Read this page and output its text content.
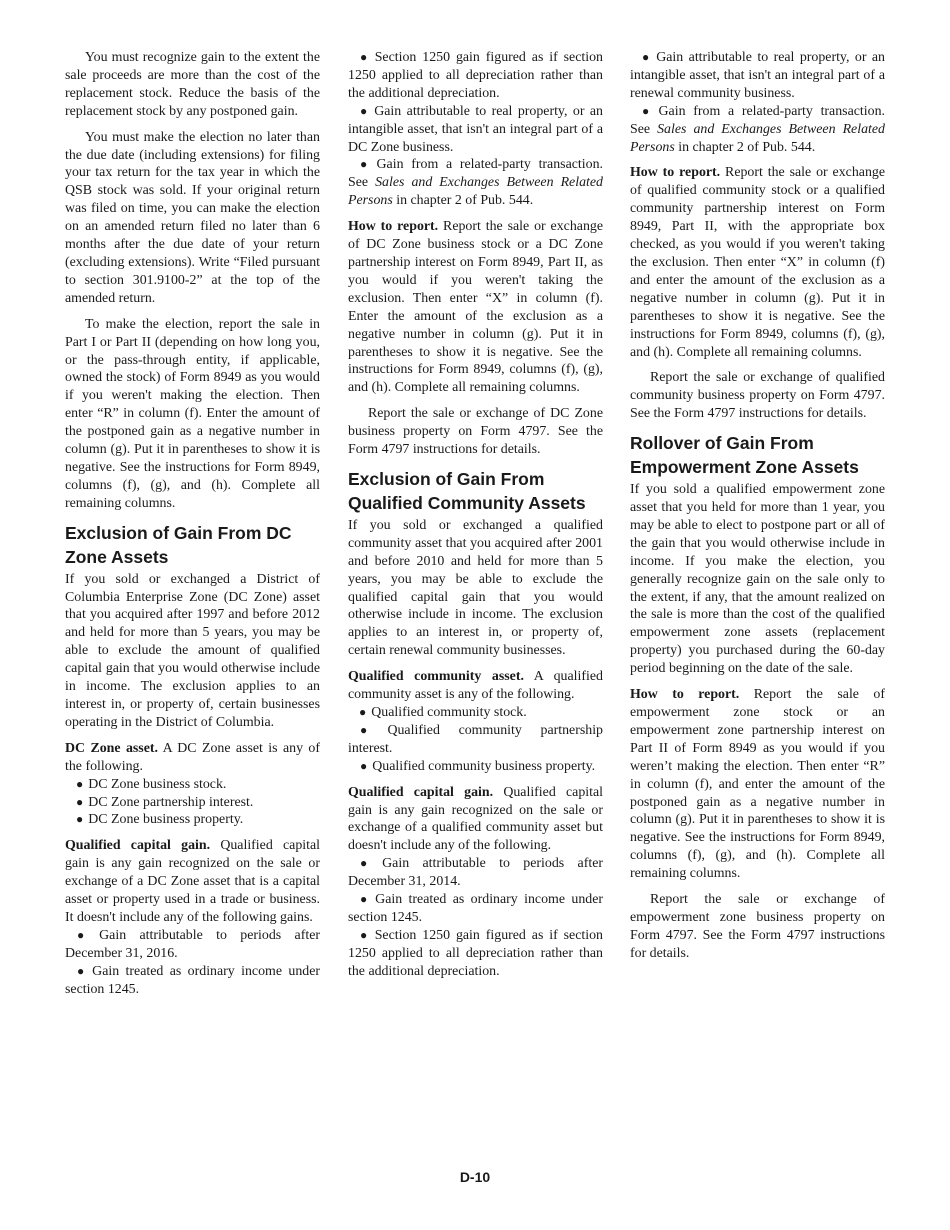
You must recognize gain to the extent the sale proceeds are more than the cost of the replacement stock. Reduce the basis of the replacement stock by any postponed gain.

You must make the election no later than the due date (including extensions) for filing your tax return for the tax year in which the QSB stock was sold. If your original return was filed on time, you can make the election on an amended return filed no later than 6 months after the due date of your return (excluding extensions). Write “Filed pursuant to section 301.9100-2” at the top of the amended return.

To make the election, report the sale in Part I or Part II (depending on how long you, or the pass-through entity, if applicable, owned the stock) of Form 8949 as you would if you weren't making the election. Then enter “R” in column (f). Enter the amount of the postponed gain as a negative number in column (g). Put it in parentheses to show it is negative. See the instructions for Form 8949, columns (f), (g), and (h). Complete all remaining columns.

Exclusion of Gain From DC Zone Assets

If you sold or exchanged a District of Columbia Enterprise Zone (DC Zone) asset that you acquired after 1997 and before 2012 and held for more than 5 years, you may be able to exclude the amount of qualified capital gain that you would otherwise include in income. The exclusion applies to an interest in, or property of, certain businesses operating in the District of Columbia.

DC Zone asset. A DC Zone asset is any of the following.

● DC Zone business stock.

● DC Zone partnership interest.

● DC Zone business property.

Qualified capital gain. Qualified capital gain is any gain recognized on the sale or exchange of a DC Zone asset that is a capital asset or property used in a trade or business. It doesn't include any of the following gains.

● Gain attributable to periods after December 31, 2016.

● Gain treated as ordinary income under section 1245.

● Section 1250 gain figured as if section 1250 applied to all depreciation rather than the additional depreciation.

● Gain attributable to real property, or an intangible asset, that isn't an integral part of a DC Zone business.

● Gain from a related-party transaction. See Sales and Exchanges Between Related Persons in chapter 2 of Pub. 544.

How to report. Report the sale or exchange of DC Zone business stock or a DC Zone partnership interest on Form 8949, Part II, as you would if you weren't taking the exclusion. Then enter “X” in column (f). Enter the amount of the exclusion as a negative number in column (g). Put it in parentheses to show it is negative. See the instructions for Form 8949, columns (f), (g), and (h). Complete all remaining columns.

Report the sale or exchange of DC Zone business property on Form 4797. See the Form 4797 instructions for details.

Exclusion of Gain From Qualified Community Assets

If you sold or exchanged a qualified community asset that you acquired after 2001 and before 2010 and held for more than 5 years, you may be able to exclude the qualified capital gain that you would otherwise include in income. The exclusion applies to an interest in, or property of, certain renewal community businesses.

Qualified community asset. A qualified community asset is any of the following.

● Qualified community stock.

● Qualified community partnership interest.

● Qualified community business property.

Qualified capital gain. Qualified capital gain is any gain recognized on the sale or exchange of a qualified community asset but doesn't include any of the following.

● Gain attributable to periods after December 31, 2014.

● Gain treated as ordinary income under section 1245.

● Section 1250 gain figured as if section 1250 applied to all depreciation rather than the additional depreciation.

● Gain attributable to real property, or an intangible asset, that isn't an integral part of a renewal community business.

● Gain from a related-party transaction. See Sales and Exchanges Between Related Persons in chapter 2 of Pub. 544.

How to report. Report the sale or exchange of qualified community stock or a qualified community partnership interest on Form 8949, Part II, with the appropriate box checked, as you would if you weren't taking the exclusion. Then enter “X” in column (f) and enter the amount of the exclusion as a negative number in column (g). Put it in parentheses to show it is negative. See the instructions for Form 8949, columns (f), (g), and (h). Complete all remaining columns.

Report the sale or exchange of qualified community business property on Form 4797. See the Form 4797 instructions for details.

Rollover of Gain From Empowerment Zone Assets

If you sold a qualified empowerment zone asset that you held for more than 1 year, you may be able to elect to postpone part or all of the gain that you would otherwise include in income. If you make the election, you generally recognize gain on the sale only to the extent, if any, that the amount realized on the sale is more than the cost of the qualified empowerment zone assets (replacement property) you purchased during the 60-day period beginning on the date of the sale.

How to report. Report the sale of empowerment zone stock or an empowerment zone partnership interest on Part II of Form 8949 as you would if you weren’t making the election. Then enter “R” in column (f), and enter the amount of the postponed gain as a negative number in column (g). Put it in parentheses to show it is negative. See the instructions for Form 8949, columns (f), (g), and (h). Complete all remaining columns.

Report the sale or exchange of empowerment zone business property on Form 4797. See the Form 4797 instructions for details.

D-10
